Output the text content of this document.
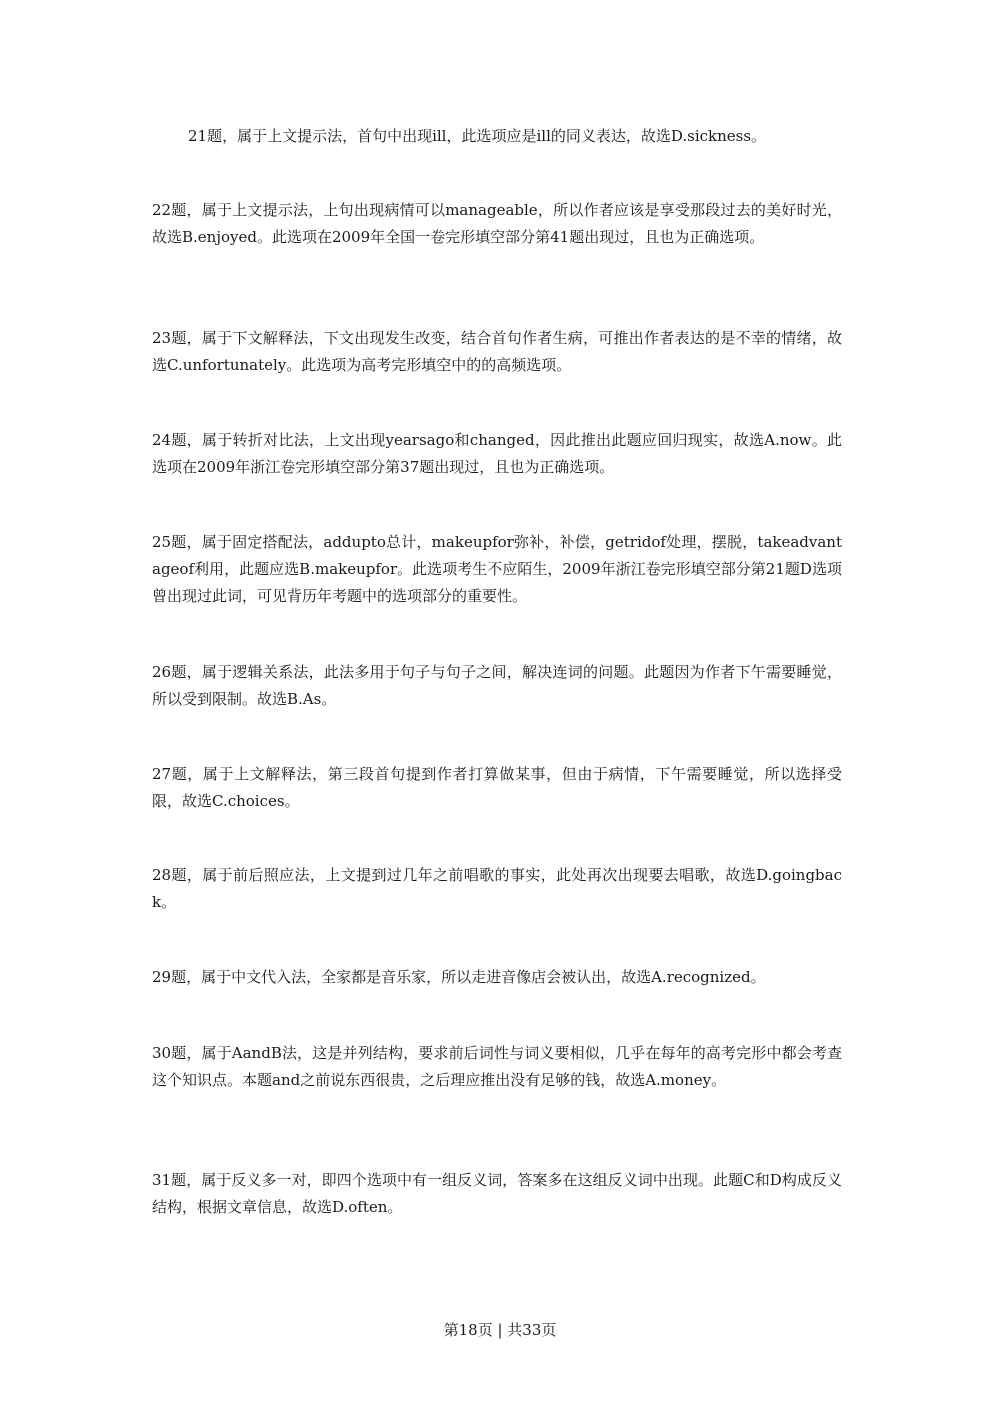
21题，属于上文提示法，首句中出现ill，此选项应是ill的同义表达，故选D.sickness。

22题，属于上文提示法，上句出现病情可以manageable，所以作者应该是享受那段过去的美好时光，故选B.enjoyed。此选项在2009年全国一卷完形填空部分第41题出现过，且也为正确选项。

23题，属于下文解释法，下文出现发生改变，结合首句作者生病，可推出作者表达的是不幸的情绪，故选C.unfortunately。此选项为高考完形填空中的的高频选项。

24题，属于转折对比法，上文出现yearsago和changed，因此推出此题应回归现实，故选A.now。此选项在2009年浙江卷完形填空部分第37题出现过，且也为正确选项。

25题，属于固定搭配法，addupto总计，makeupfor弥补，补偿，getridof处理，摆脱，takeadvantageof利用，此题应选B.makeupfor。此选项考生不应陌生，2009年浙江卷完形填空部分第21题D选项曾出现过此词，可见背历年考题中的选项部分的重要性。

26题，属于逻辑关系法，此法多用于句子与句子之间，解决连词的问题。此题因为作者下午需要睡觉，所以受到限制。故选B.As。

27题，属于上文解释法，第三段首句提到作者打算做某事，但由于病情，下午需要睡觉，所以选择受限，故选C.choices。

28题，属于前后照应法，上文提到过几年之前唱歌的事实，此处再次出现要去唱歌，故选D.goingback。

29题，属于中文代入法，全家都是音乐家，所以走进音像店会被认出，故选A.recognized。

30题，属于AandB法，这是并列结构，要求前后词性与词义要相似，几乎在每年的高考完形中都会考查这个知识点。本题and之前说东西很贵，之后理应推出没有足够的钱，故选A.money。

31题，属于反义多一对，即四个选项中有一组反义词，答案多在这组反义词中出现。此题C和D构成反义结构，根据文章信息，故选D.often。

第18页 | 共33页
